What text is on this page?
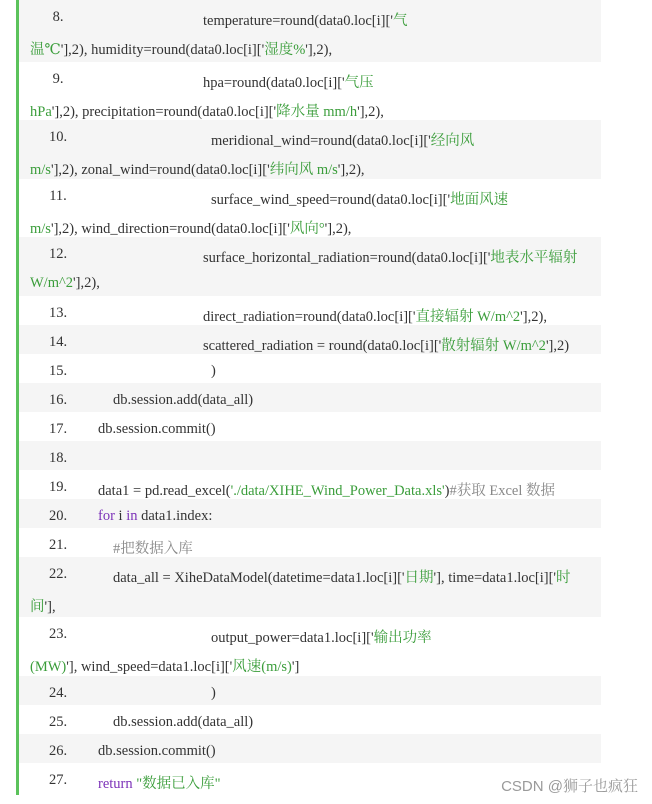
8.	temperature=round(data0.loc[i]['气
温℃'],2), humidity=round(data0.loc[i]['湿度%'],2),
9.	hpa=round(data0.loc[i]['气压
hPa'],2), precipitation=round(data0.loc[i]['降水量 mm/h'],2),
10.	meridional_wind=round(data0.loc[i]['经向风
m/s'],2), zonal_wind=round(data0.loc[i]['纬向风 m/s'],2),
11.	surface_wind_speed=round(data0.loc[i]['地面风速
m/s'],2), wind_direction=round(data0.loc[i]['风向°'],2),
12.	surface_horizontal_radiation=round(data0.loc[i]['地表水平辐射
W/m^2'],2),
13.	direct_radiation=round(data0.loc[i]['直接辐射 W/m^2'],2),
14.	scattered_radiation = round(data0.loc[i]['散射辐射 W/m^2'],2)
15.	)
16.	db.session.add(data_all)
17.	db.session.commit()
18.
19.	data1 = pd.read_excel('./data/XIHE_Wind_Power_Data.xls')#获取 Excel 数据
20.	for i in data1.index:
21.	#把数据入库
22.	data_all = XiheDataModel(datetime=data1.loc[i]['日期'], time=data1.loc[i]['时
间'],
23.	output_power=data1.loc[i]['输出功率
(MW)'], wind_speed=data1.loc[i]['风速(m/s)']
24.	)
25.	db.session.add(data_all)
26.	db.session.commit()
27.	return "数据已入库"	CSDN @狮子也疯狂
